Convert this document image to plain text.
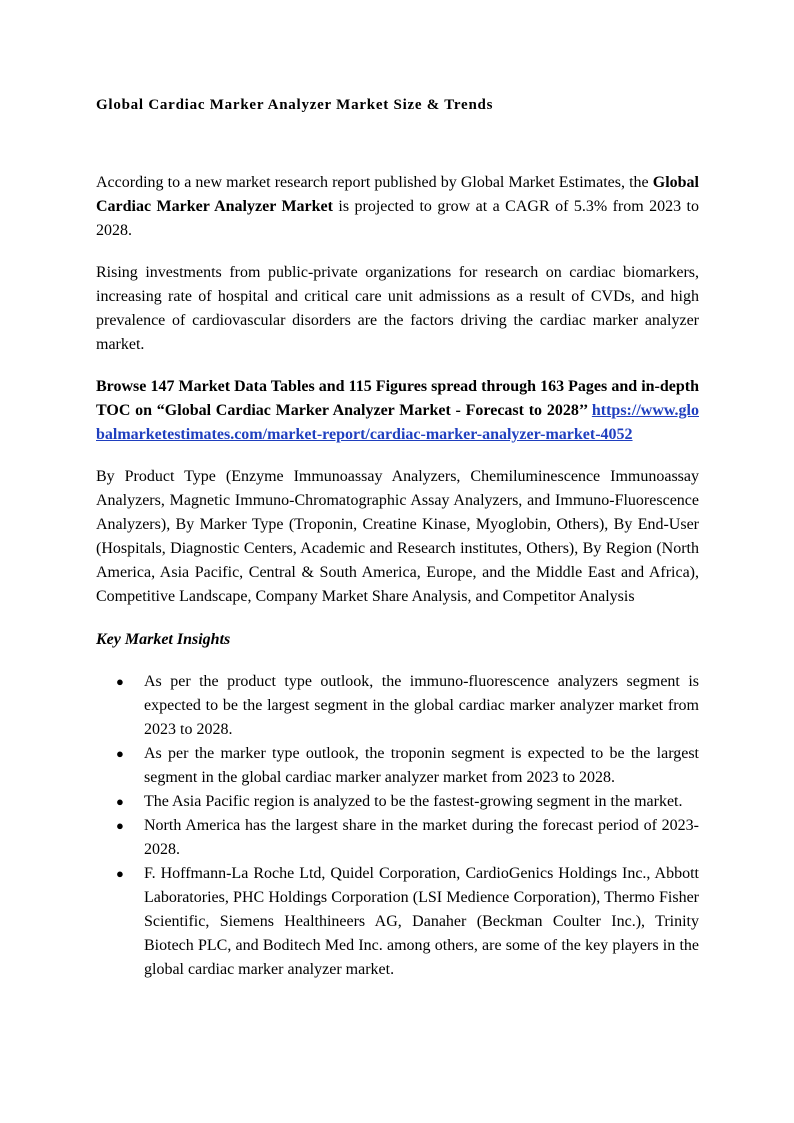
Global Cardiac Marker Analyzer Market Size & Trends

According to a new market research report published by Global Market Estimates, the Global Cardiac Marker Analyzer Market is projected to grow at a CAGR of 5.3% from 2023 to 2028.

Rising investments from public-private organizations for research on cardiac biomarkers, increasing rate of hospital and critical care unit admissions as a result of CVDs, and high prevalence of cardiovascular disorders are the factors driving the cardiac marker analyzer market.

Browse 147 Market Data Tables and 115 Figures spread through 163 Pages and in-depth TOC on “Global Cardiac Marker Analyzer Market - Forecast to 2028’’ https://www.globalmarketestimates.com/market-report/cardiac-marker-analyzer-market-4052

By Product Type (Enzyme Immunoassay Analyzers, Chemiluminescence Immunoassay Analyzers, Magnetic Immuno-Chromatographic Assay Analyzers, and Immuno-Fluorescence Analyzers), By Marker Type (Troponin, Creatine Kinase, Myoglobin, Others), By End-User (Hospitals, Diagnostic Centers, Academic and Research institutes, Others), By Region (North America, Asia Pacific, Central & South America, Europe, and the Middle East and Africa), Competitive Landscape, Company Market Share Analysis, and Competitor Analysis

Key Market Insights
● As per the product type outlook, the immuno-fluorescence analyzers segment is expected to be the largest segment in the global cardiac marker analyzer market from 2023 to 2028.
● As per the marker type outlook, the troponin segment is expected to be the largest segment in the global cardiac marker analyzer market from 2023 to 2028.
● The Asia Pacific region is analyzed to be the fastest-growing segment in the market.
● North America has the largest share in the market during the forecast period of 2023-2028.
● F. Hoffmann-La Roche Ltd, Quidel Corporation, CardioGenics Holdings Inc., Abbott Laboratories, PHC Holdings Corporation (LSI Medience Corporation), Thermo Fisher Scientific, Siemens Healthineers AG, Danaher (Beckman Coulter Inc.), Trinity Biotech PLC, and Boditech Med Inc. among others, are some of the key players in the global cardiac marker analyzer market.
